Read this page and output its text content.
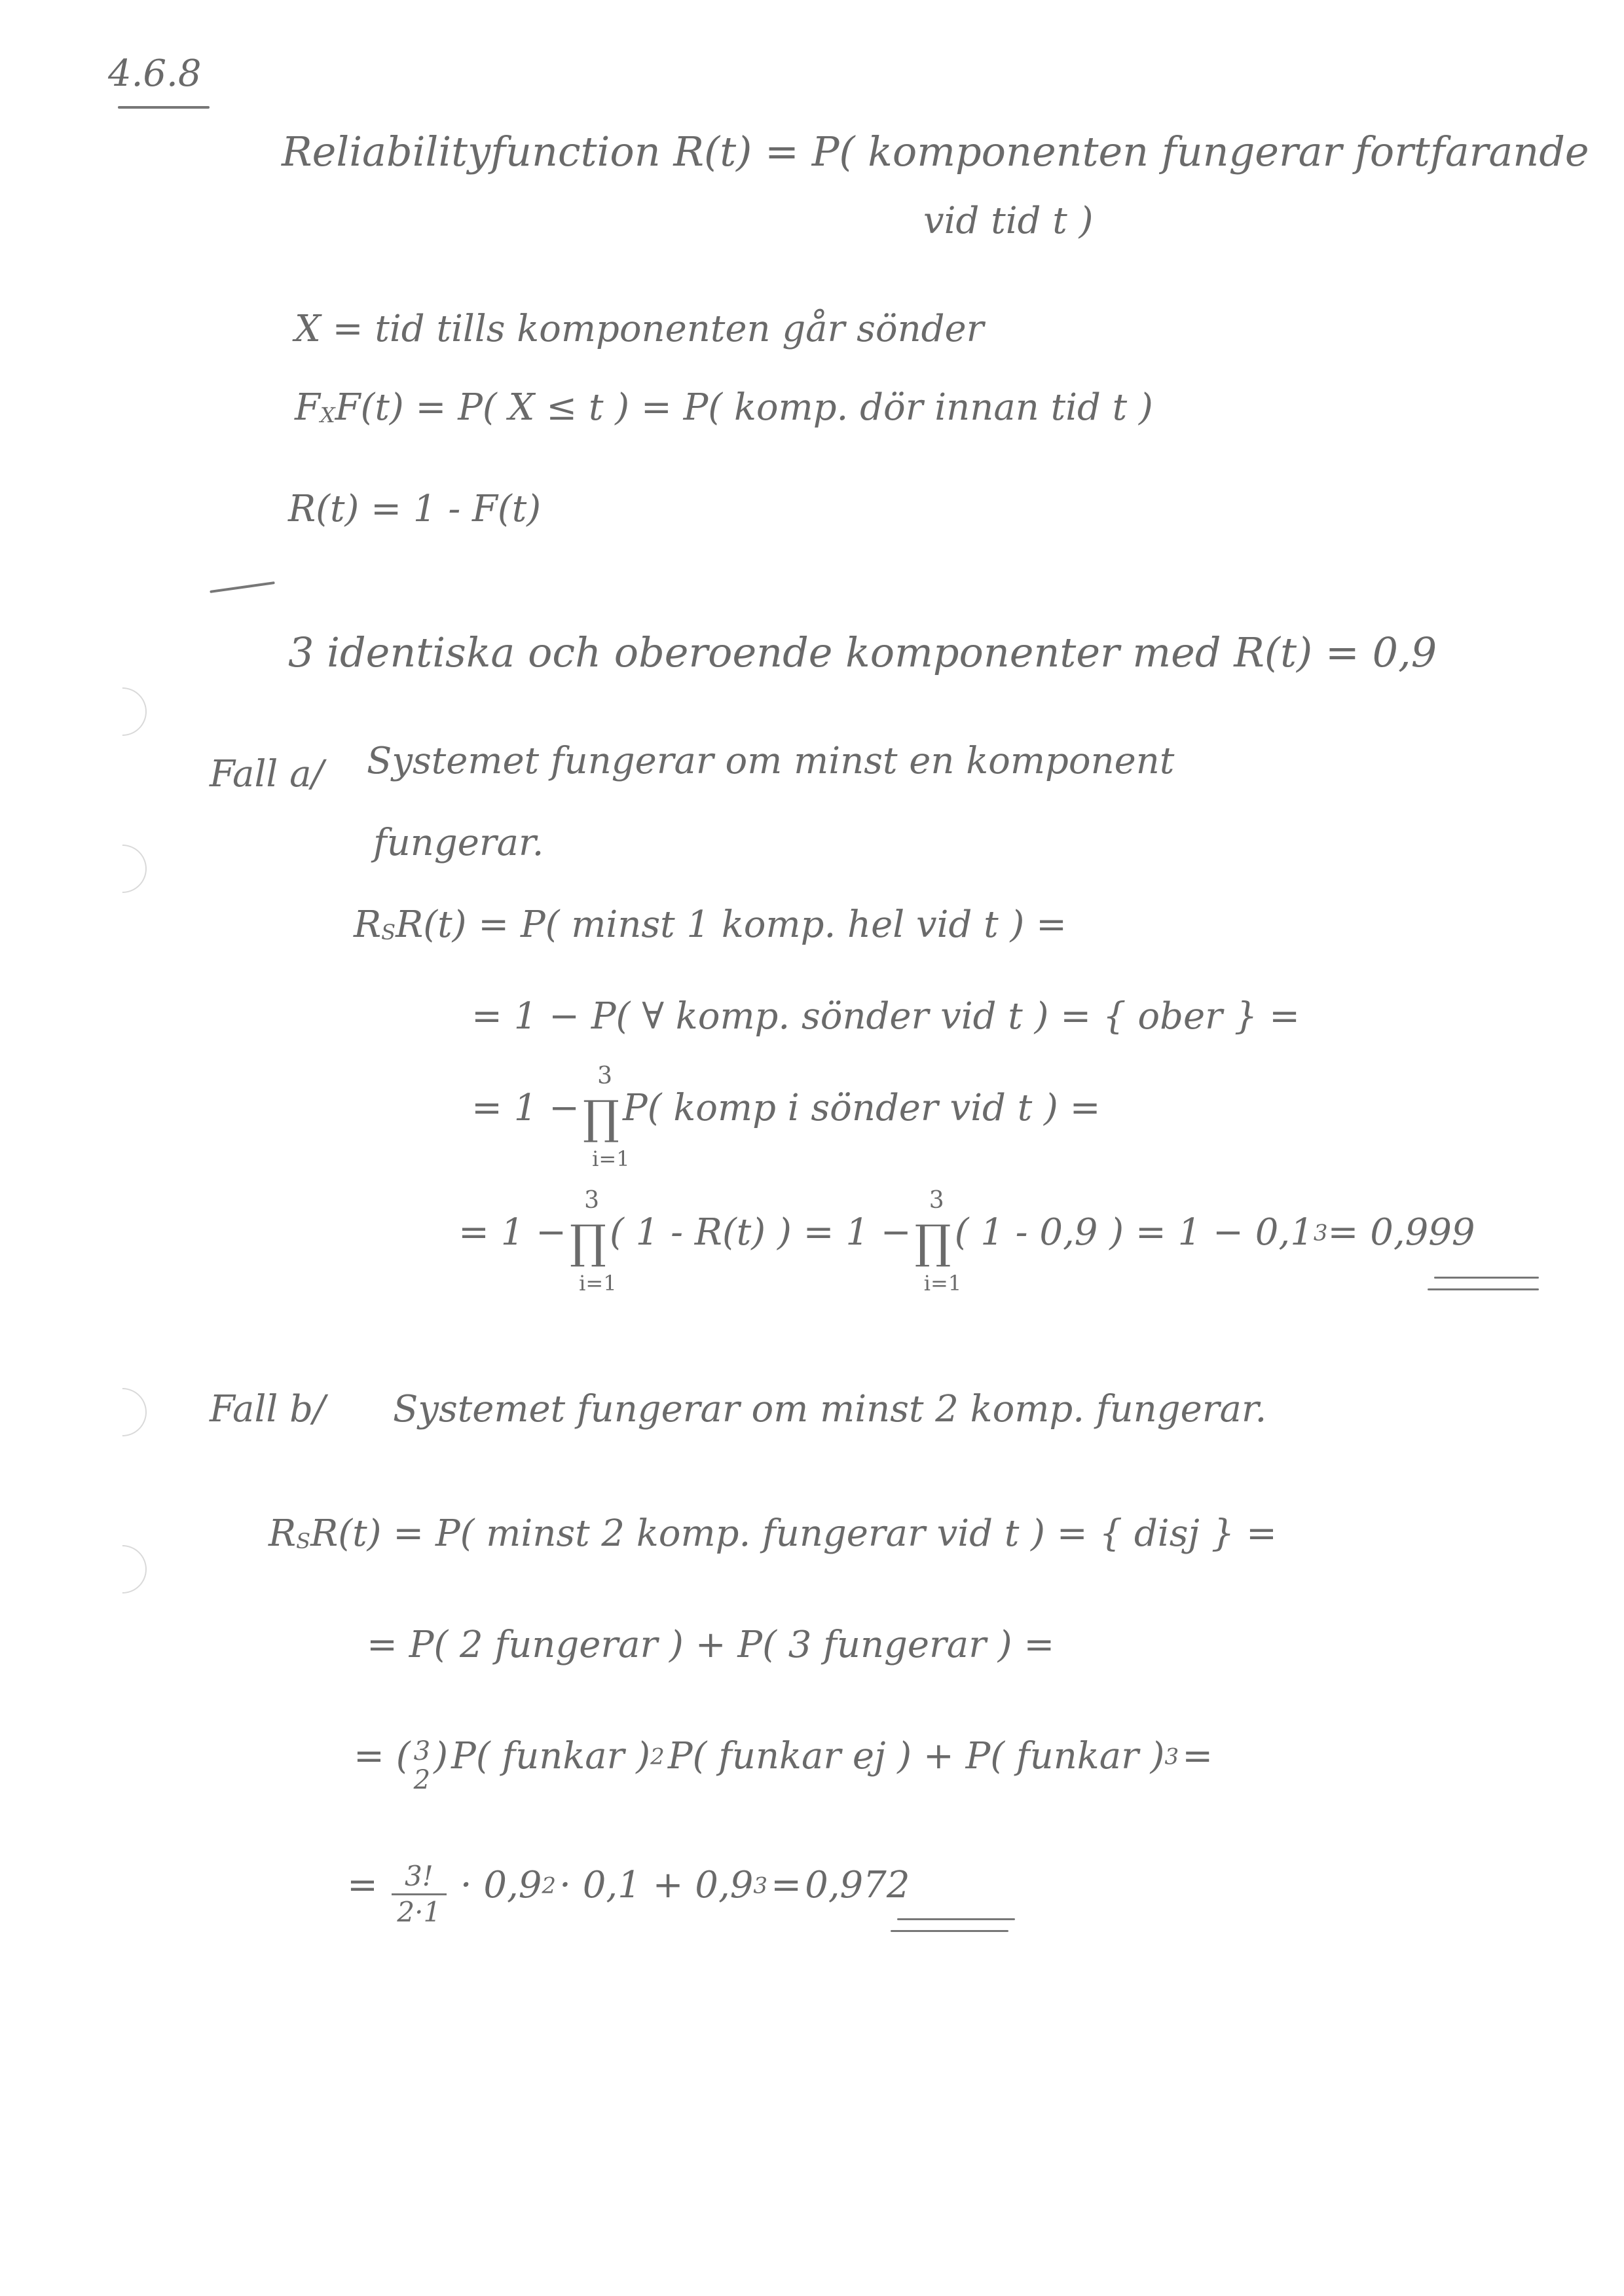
4.6.8
Reliabilityfunction R(t) = P( komponenten fungerar fortfarande
vid tid t )
X = tid tills komponenten går sönder
FXF(t) = P( X ≤ t ) = P( komp. dör innan tid t )
R(t) = 1 - F(t)
3 identiska och oberoende komponenter med R(t) = 0,9
Fall a/ Systemet fungerar om minst en komponent
fungerar.
RSR(t) = P( minst 1 komp. hel vid t ) =
= 1 − P( ∀ komp. sönder vid t ) = { ober } =
= 1 − ∏
3
i=1
P( komp i sönder vid t ) =
= 1 − ∏
3
i=1
( 1 - R(t) ) = 1 − ∏
3
i=1
( 1 - 0,9 ) = 1 − 0,13= 0,999
Fall b/ Systemet fungerar om minst 2 komp. fungerar.
RSR(t) = P( minst 2 komp. fungerar vid t ) = { disj } =
= P( 2 fungerar ) + P( 3 fungerar ) =
= ( 3
2
) P( funkar )2 P( funkar ej ) + P( funkar )3 =
= $\frac{3!}{2\cdot 1} \cdot 0,92 \cdot 0,1 + 0,93 = 0,972$
